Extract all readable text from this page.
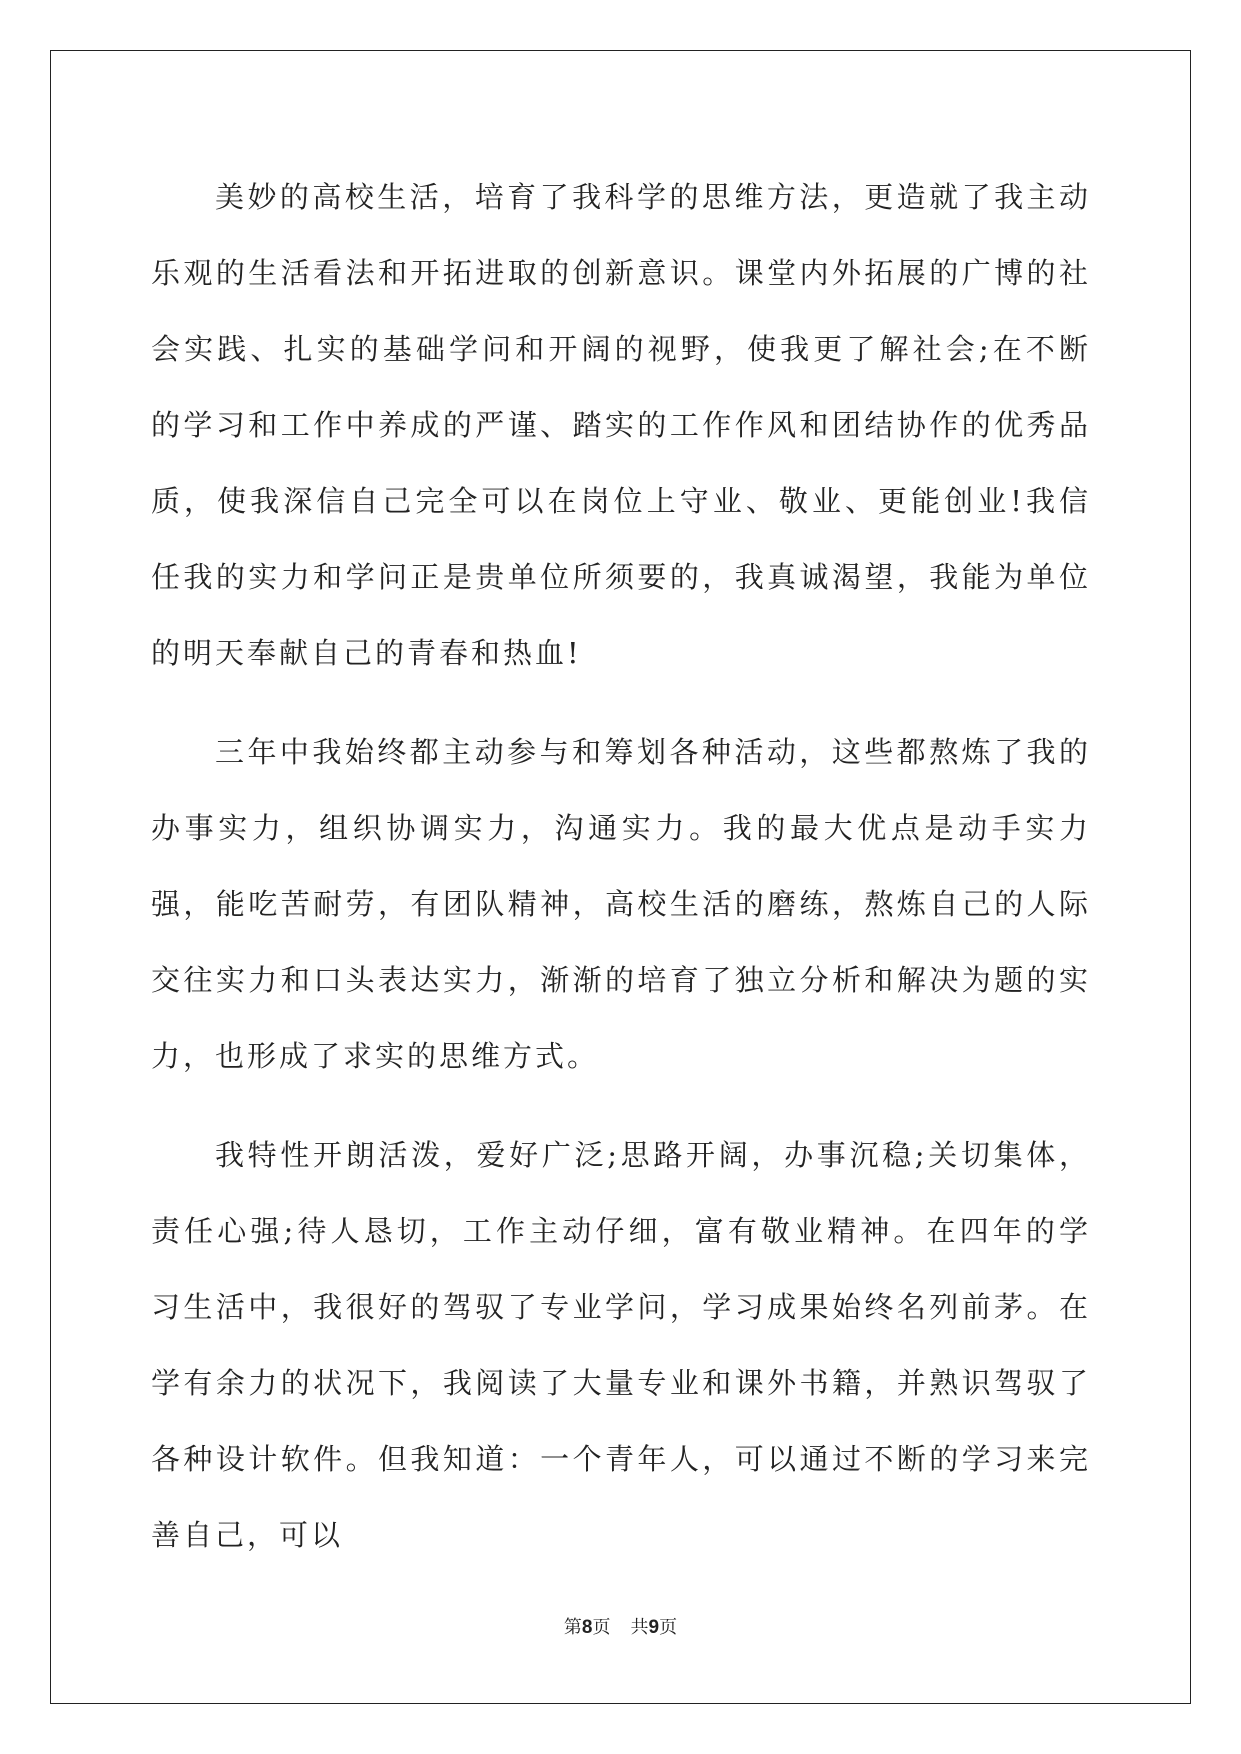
美妙的高校生活，培育了我科学的思维方法，更造就了我主动乐观的生活看法和开拓进取的创新意识。课堂内外拓展的广博的社会实践、扎实的基础学问和开阔的视野，使我更了解社会;在不断的学习和工作中养成的严谨、踏实的工作作风和团结协作的优秀品质，使我深信自己完全可以在岗位上守业、敬业、更能创业!我信任我的实力和学问正是贵单位所须要的，我真诚渴望，我能为单位的明天奉献自己的青春和热血!

三年中我始终都主动参与和筹划各种活动，这些都熬炼了我的办事实力，组织协调实力，沟通实力。我的最大优点是动手实力强，能吃苦耐劳，有团队精神，高校生活的磨练，熬炼自己的人际交往实力和口头表达实力，渐渐的培育了独立分析和解决为题的实力，也形成了求实的思维方式。

我特性开朗活泼，爱好广泛;思路开阔，办事沉稳;关切集体，责任心强;待人恳切，工作主动仔细，富有敬业精神。在四年的学习生活中，我很好的驾驭了专业学问，学习成果始终名列前茅。在学有余力的状况下，我阅读了大量专业和课外书籍，并熟识驾驭了各种设计软件。但我知道：一个青年人，可以通过不断的学习来完善自己，可以

第8页 共9页
